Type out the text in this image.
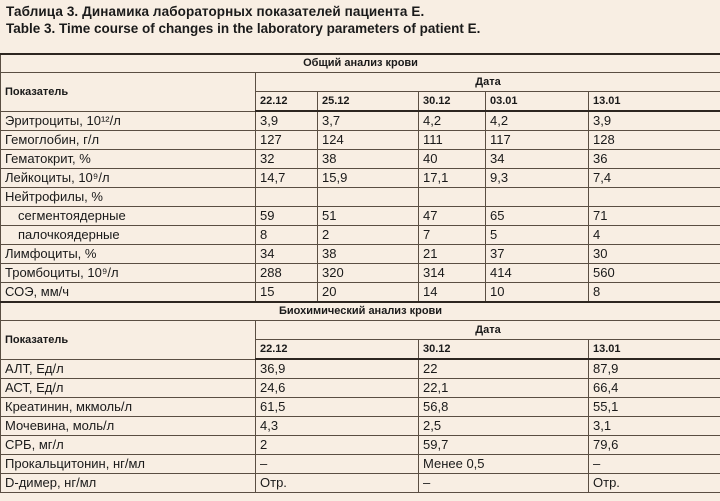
Таблица 3. Динамика лабораторных показателей пациента Е.
Table 3. Time course of changes in the laboratory parameters of patient E.
Общий анализ крови					
Показатель	Дата				
	22.12	25.12	30.12	03.01	13.01
Эритроциты, 10¹²/л	3,9	3,7	4,2	4,2	3,9
Гемоглобин, г/л	127	124	111	117	128
Гематокрит, %	32	38	40	34	36
Лейкоциты, 10⁹/л	14,7	15,9	17,1	9,3	7,4
Нейтрофилы, %					
сегментоядерные	59	51	47	65	71
палочкоядерные	8	2	7	5	4
Лимфоциты, %	34	38	21	37	30
Тромбоциты, 10⁹/л	288	320	314	414	560
СОЭ, мм/ч	15	20	14	10	8
Биохимический анализ крови					
Показатель	Дата				
	22.12		30.12		13.01
АЛТ, Ед/л	36,9		22		87,9
АСТ, Ед/л	24,6		22,1		66,4
Креатинин, мкмоль/л	61,5		56,8		55,1
Мочевина, моль/л	4,3		2,5		3,1
СРБ, мг/л	2		59,7		79,6
Прокальцитонин, нг/мл	–		Менее 0,5		–
D-димер, нг/мл	Отр.		–		Отр.
